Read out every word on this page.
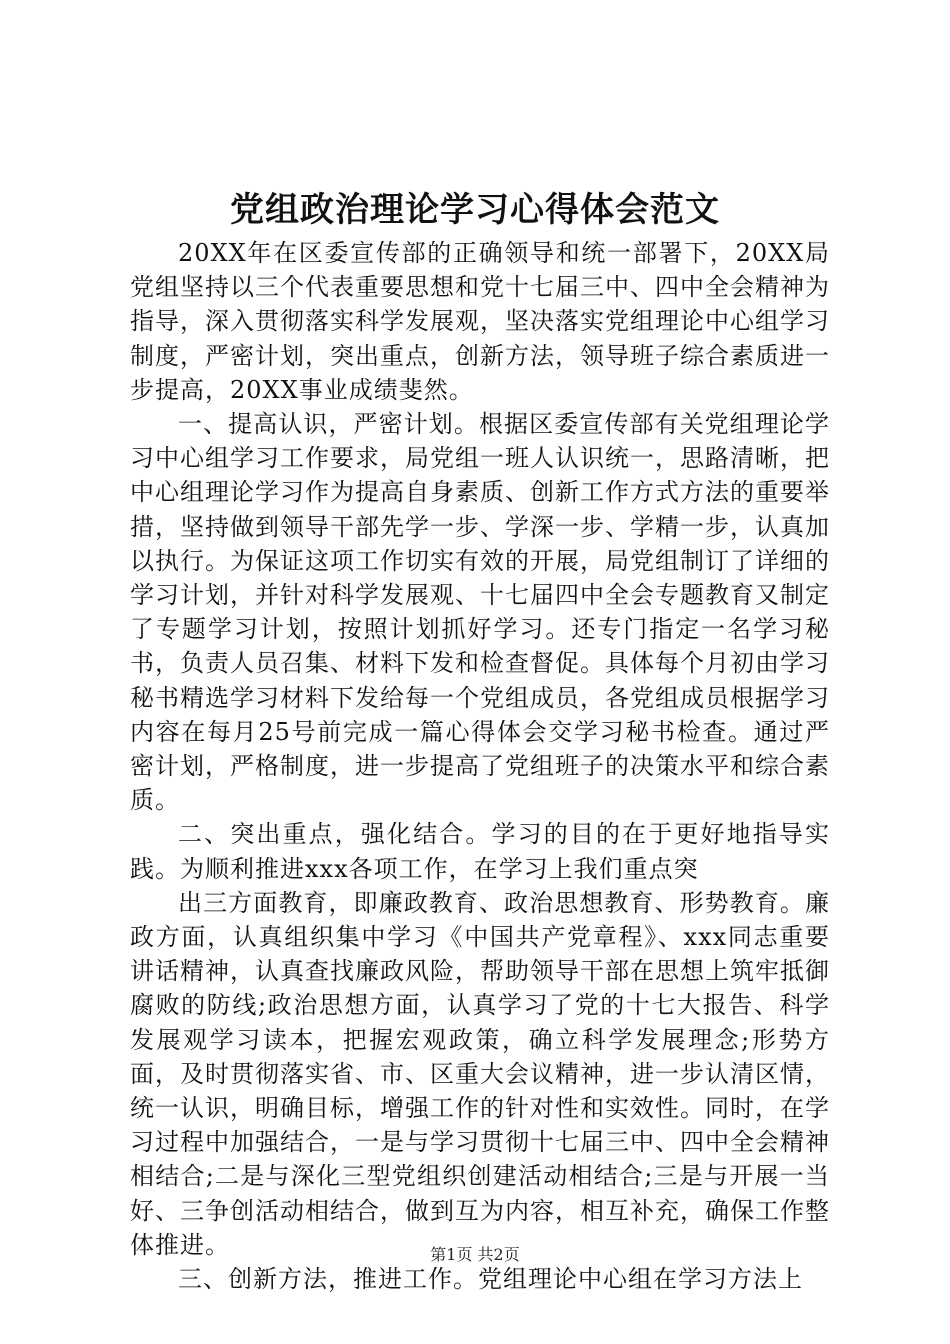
党组政治理论学习心得体会范文

20XX年在区委宣传部的正确领导和统一部署下，20XX局党组坚持以三个代表重要思想和党十七届三中、四中全会精神为指导，深入贯彻落实科学发展观，坚决落实党组理论中心组学习制度，严密计划，突出重点，创新方法，领导班子综合素质进一步提高，20XX事业成绩斐然。

一、提高认识，严密计划。根据区委宣传部有关党组理论学习中心组学习工作要求，局党组一班人认识统一，思路清晰，把中心组理论学习作为提高自身素质、创新工作方式方法的重要举措，坚持做到领导干部先学一步、学深一步、学精一步，认真加以执行。为保证这项工作切实有效的开展，局党组制订了详细的学习计划，并针对科学发展观、十七届四中全会专题教育又制定了专题学习计划，按照计划抓好学习。还专门指定一名学习秘书，负责人员召集、材料下发和检查督促。具体每个月初由学习秘书精选学习材料下发给每一个党组成员，各党组成员根据学习内容在每月25号前完成一篇心得体会交学习秘书检查。通过严密计划，严格制度，进一步提高了党组班子的决策水平和综合素质。

二、突出重点，强化结合。学习的目的在于更好地指导实践。为顺利推进xxx各项工作，在学习上我们重点突

出三方面教育，即廉政教育、政治思想教育、形势教育。廉政方面，认真组织集中学习《中国共产党章程》、xxx同志重要讲话精神，认真查找廉政风险，帮助领导干部在思想上筑牢抵御腐败的防线;政治思想方面，认真学习了党的十七大报告、科学发展观学习读本，把握宏观政策，确立科学发展理念;形势方面，及时贯彻落实省、市、区重大会议精神，进一步认清区情，统一认识，明确目标，增强工作的针对性和实效性。同时，在学习过程中加强结合，一是与学习贯彻十七届三中、四中全会精神相结合;二是与深化三型党组织创建活动相结合;三是与开展一当好、三争创活动相结合，做到互为内容，相互补充，确保工作整体推进。

三、创新方法，推进工作。党组理论中心组在学习方法上

第1页 共2页
